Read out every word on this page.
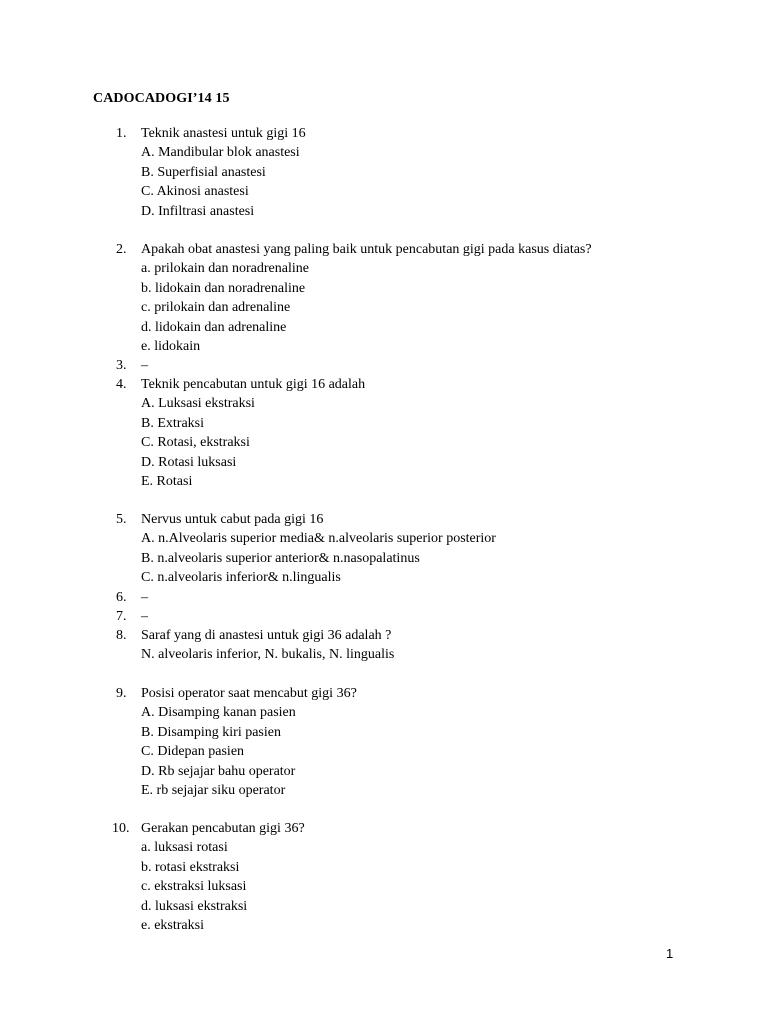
CADOCADOGI’14 15
1. Teknik anastesi untuk gigi 16
A. Mandibular blok anastesi
B. Superfisial anastesi
C. Akinosi anastesi
D. Infiltrasi anastesi
2. Apakah obat anastesi yang paling baik untuk pencabutan gigi pada kasus diatas?
a. prilokain dan noradrenaline
b. lidokain dan noradrenaline
c. prilokain dan adrenaline
d. lidokain dan adrenaline
e. lidokain
3. –
4. Teknik pencabutan untuk gigi 16 adalah
A. Luksasi ekstraksi
B. Extraksi
C. Rotasi, ekstraksi
D. Rotasi luksasi
E. Rotasi
5. Nervus untuk cabut pada gigi 16
A. n.Alveolaris superior media& n.alveolaris superior posterior
B. n.alveolaris superior anterior& n.nasopalatinus
C. n.alveolaris inferior& n.lingualis
6. –
7. –
8. Saraf yang di anastesi untuk gigi 36 adalah ?
N. alveolaris inferior, N. bukalis, N. lingualis
9. Posisi operator saat mencabut gigi 36?
A. Disamping kanan pasien
B. Disamping kiri pasien
C. Didepan pasien
D. Rb sejajar bahu operator
E. rb sejajar siku operator
10. Gerakan pencabutan gigi 36?
a. luksasi rotasi
b. rotasi ekstraksi
c. ekstraksi luksasi
d. luksasi ekstraksi
e. ekstraksi
1
